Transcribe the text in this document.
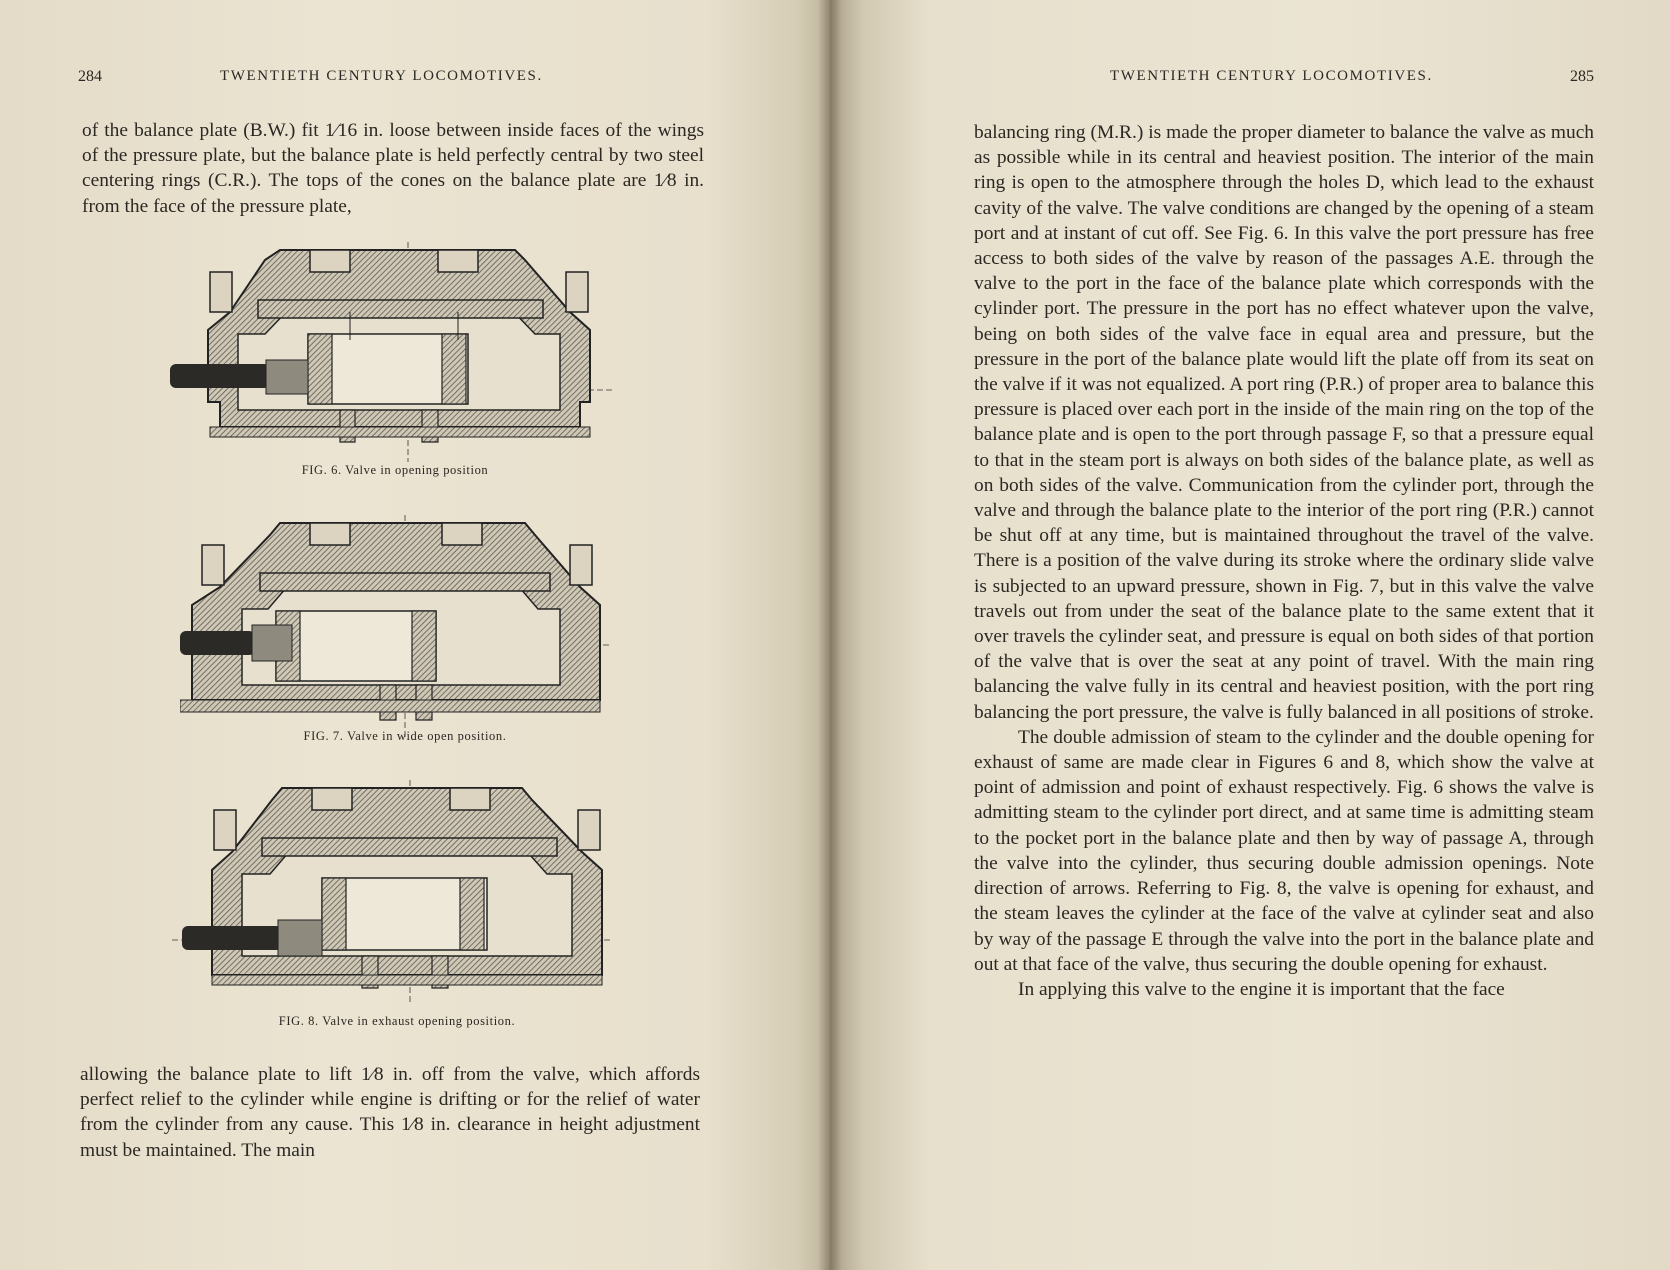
284	TWENTIETH CENTURY LOCOMOTIVES.

of the balance plate (B.W.) fit 1⁄16 in. loose between inside faces of the wings of the pressure plate, but the balance plate is held perfectly central by two steel centering rings (C.R.). The tops of the cones on the balance plate are 1⁄8 in. from the face of the pressure plate,

FIG. 6. Valve in opening position
FIG. 7. Valve in wide open position.
FIG. 8. Valve in exhaust opening position.

allowing the balance plate to lift 1⁄8 in. off from the valve, which affords perfect relief to the cylinder while engine is drifting or for the relief of water from the cylinder from any cause. This 1⁄8 in. clearance in height adjustment must be maintained. The main

TWENTIETH CENTURY LOCOMOTIVES.	285

balancing ring (M.R.) is made the proper diameter to balance the valve as much as possible while in its central and heaviest position. The interior of the main ring is open to the atmosphere through the holes D, which lead to the exhaust cavity of the valve. The valve conditions are changed by the opening of a steam port and at instant of cut off. See Fig. 6. In this valve the port pressure has free access to both sides of the valve by reason of the passages A.E. through the valve to the port in the face of the balance plate which corresponds with the cylinder port. The pressure in the port has no effect whatever upon the valve, being on both sides of the valve face in equal area and pressure, but the pressure in the port of the balance plate would lift the plate off from its seat on the valve if it was not equalized. A port ring (P.R.) of proper area to balance this pressure is placed over each port in the inside of the main ring on the top of the balance plate and is open to the port through passage F, so that a pressure equal to that in the steam port is always on both sides of the balance plate, as well as on both sides of the valve. Communication from the cylinder port, through the valve and through the balance plate to the interior of the port ring (P.R.) cannot be shut off at any time, but is maintained throughout the travel of the valve. There is a position of the valve during its stroke where the ordinary slide valve is subjected to an upward pressure, shown in Fig. 7, but in this valve the valve travels out from under the seat of the balance plate to the same extent that it over travels the cylinder seat, and pressure is equal on both sides of that portion of the valve that is over the seat at any point of travel. With the main ring balancing the valve fully in its central and heaviest position, with the port ring balancing the port pressure, the valve is fully balanced in all positions of stroke.

The double admission of steam to the cylinder and the double opening for exhaust of same are made clear in Figures 6 and 8, which show the valve at point of admission and point of exhaust respectively. Fig. 6 shows the valve is admitting steam to the cylinder port direct, and at same time is admitting steam to the pocket port in the balance plate and then by way of passage A, through the valve into the cylinder, thus securing double admission openings. Note direction of arrows. Referring to Fig. 8, the valve is opening for exhaust, and the steam leaves the cylinder at the face of the valve at cylinder seat and also by way of the passage E through the valve into the port in the balance plate and out at that face of the valve, thus securing the double opening for exhaust.

In applying this valve to the engine it is important that the face
